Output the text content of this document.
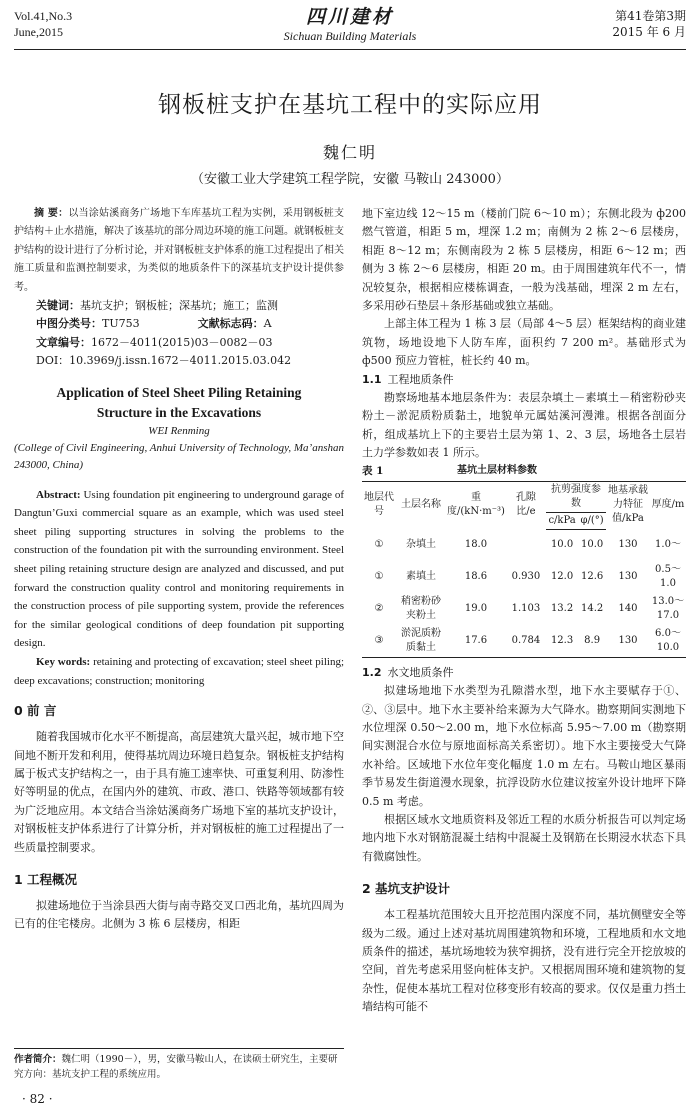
Vol.41,No.3
June,2015
四川建材
Sichuan Building Materials
第41卷第3期
2015 年 6 月
钢板桩支护在基坑工程中的实际应用
魏仁明
（安徽工业大学建筑工程学院，安徽 马鞍山 243000）

摘 要：以当涂姑溪商务广场地下车库基坑工程为实例，采用钢板桩支护结构＋止水措施，解决了该基坑的部分周边环境的施工问题。就钢板桩支护结构的设计进行了分析讨论，并对钢板桩支护体系的施工过程提出了相关施工质量和监测控制要求，为类似的地质条件下的深基坑支护设计提供参考。

关键词：基坑支护；钢板桩；深基坑；施工；监测

中图分类号：TU753	文献标志码：A

文章编号：1672－4011(2015)03－0082－03

DOI：10.3969/j.issn.1672－4011.2015.03.042

Application of Steel Sheet Piling Retaining
Structure in the Excavations
WEI Renming

(College of Civil Engineering, Anhui University of Technology, Ma’anshan 243000, China)

Abstract: Using foundation pit engineering to underground garage of Dangtun’Guxi commercial square as an example, which was used steel sheet piling supporting structures in solving the problems to the construction of the foundation pit with the surrounding environment. Steel sheet piling retaining structure design are analyzed and discussed, and put forward the construction quality control and monitoring requirements in the construction process of pile supporting system, provide the references for the similar geological conditions of deep foundation pit supporting design.

Key words: retaining and protecting of excavation; steel sheet piling; deep excavations; construction; monitoring

0 前 言

随着我国城市化水平不断提高，高层建筑大量兴起，城市地下空间地不断开发和利用，使得基坑周边环境日趋复杂。钢板桩支护结构属于板式支护结构之一，由于具有施工速率快、可重复利用、防渗性好等明显的优点，在国内外的建筑、市政、港口、铁路等领域都有较为广泛地应用。本文结合当涂姑溪商务广场地下室的基坑支护设计，对钢板桩支护体系进行了计算分析，并对钢板桩的施工过程提出了一些质量控制要求。

1 工程概况

拟建场地位于当涂县西大街与南寺路交叉口西北角，基坑四周为已有的住宅楼房。北侧为 3 栋 6 层楼房，相距

地下室边线 12～15 m（楼前门院 6～10 m）；东侧北段为 ф200 燃气管道，相距 5 m，埋深 1.2 m；南侧为 2 栋 2～6 层楼房，相距 8～12 m；东侧南段为 2 栋 5 层楼房，相距 6～12 m；西侧为 3 栋 2～6 层楼房，相距 20 m。由于周围建筑年代不一，情况较复杂，根据相应楼栋调查，一般为浅基础，埋深 2 m 左右，多采用砂石垫层＋条形基础或独立基础。

上部主体工程为 1 栋 3 层（局部 4～5 层）框架结构的商业建筑物，场地设地下人防车库，面积约 7 200 m²。基础形式为 ф500 预应力管桩，桩长约 40 m。

1.1 工程地质条件

勘察场地基本地层条件为：表层杂填土－素填土－稍密粉砂夹粉土－淤泥质粉质黏土，地貌单元属姑溪河漫滩。根据各剖面分析，组成基坑上下的主要岩土层为第 1、2、3 层，场地各土层岩土力学参数如表 1 所示。

表 1	基坑土层材料参数
地层代号	土层名称	重度/(kN·m⁻³)	孔隙比/e	抗剪强度参数		地基承载力特征值/kPa	厚度/m
				c/kPa	φ/(°)		
①	杂填土	18.0		10.0	10.0	130	1.0～
①	素填土	18.6	0.930	12.0	12.6	130	0.5～1.0
②	稍密粉砂夹粉土	19.0	1.103	13.2	14.2	140	13.0～17.0
③	淤泥质粉质黏土	17.6	0.784	12.3	8.9	130	6.0～10.0

1.2 水文地质条件

拟建场地地下水类型为孔隙潜水型，地下水主要赋存于①、②、③层中。地下水主要补给来源为大气降水。勘察期间实测地下水位埋深 0.50～2.00 m，地下水位标高 5.95～7.00 m（勘察期间实测混合水位与原地面标高关系密切）。地下水主要接受大气降水补给。区域地下水位年变化幅度 1.0 m 左右。马鞍山地区暴雨季节易发生街道漫水现象，抗浮设防水位建议按室外设计地坪下降 0.5 m 考虑。

根据区域水文地质资料及邻近工程的水质分析报告可以判定场地内地下水对钢筋混凝土结构中混凝土及钢筋在长期浸水状态下具有微腐蚀性。

2 基坑支护设计

本工程基坑范围较大且开挖范围内深度不同，基坑侧壁安全等级为二级。通过上述对基坑周围建筑物和环境，工程地质和水文地质条件的描述，基坑场地较为狭窄拥挤，没有进行完全开挖放坡的空间，首先考虑采用竖向桩体支护。又根据周围环境和建筑物的复杂性，促使本基坑工程对位移变形有较高的要求。仅仅是重力挡土墙结构可能不

作者简介：魏仁明（1990－），男，安徽马鞍山人，在读硕士研究生，主要研究方向：基坑支护工程的系统应用。
· 82 ·
